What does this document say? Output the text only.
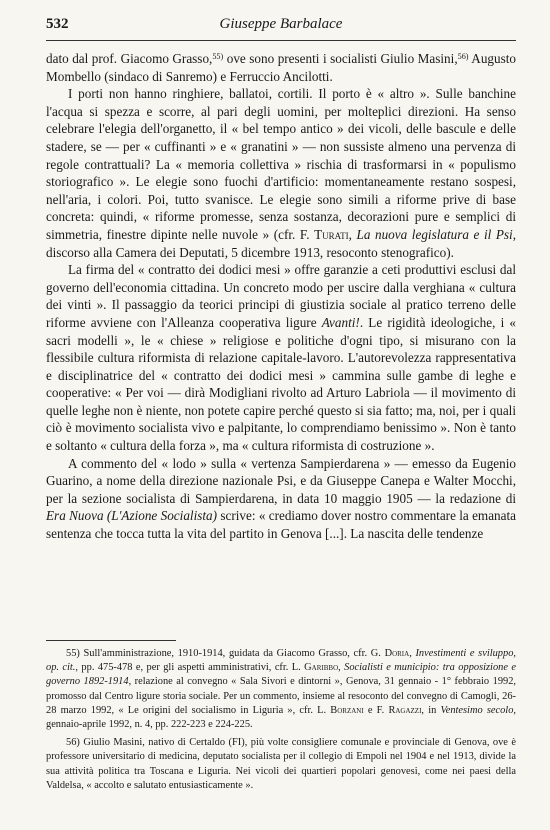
532	Giuseppe Barbalace

dato dal prof. Giacomo Grasso,$^{55)}$ ove sono presenti i socialisti Giulio Masini,$^{56)}$ Augusto Mombello (sindaco di Sanremo) e Ferruccio Ancilotti.

I porti non hanno ringhiere, ballatoi, cortili. Il porto è « altro ». Sulle banchine l'acqua si spezza e scorre, al pari degli uomini, per molteplici direzioni. Ha senso celebrare l'elegia dell'organetto, il « bel tempo antico » dei vicoli, delle bascule e delle stadere, se — per « cuffinanti » e « granatini » — non sussiste almeno una pervenza di regole contrattuali? La « memoria collettiva » rischia di trasformarsi in « populismo storiografico ». Le elegie sono fuochi d'artificio: momentaneamente restano sospesi, nell'aria, i colori. Poi, tutto svanisce. Le elegie sono simili a riforme prive di base concreta: quindi, « riforme promesse, senza sostanza, decorazioni pure e semplici di simmetria, finestre dipinte nelle nuvole » (cfr. F. Turati, La nuova legislatura e il Psi, discorso alla Camera dei Deputati, 5 dicembre 1913, resoconto stenografico).

La firma del « contratto dei dodici mesi » offre garanzie a ceti produttivi esclusi dal governo dell'economia cittadina. Un concreto modo per uscire dalla verghiana « cultura dei vinti ». Il passaggio da teorici principi di giustizia sociale al pratico terreno delle riforme avviene con l'Alleanza cooperativa ligure Avanti!. Le rigidità ideologiche, i « sacri modelli », le « chiese » religiose e politiche d'ogni tipo, si misurano con la flessibile cultura riformista di relazione capitale-lavoro. L'autorevolezza rappresentativa e disciplinatrice del « contratto dei dodici mesi » cammina sulle gambe di leghe e cooperative: « Per voi — dirà Modigliani rivolto ad Arturo Labriola — il movimento di quelle leghe non è niente, non potete capire perché questo si sia fatto; ma, noi, per i quali ciò è movimento socialista vivo e palpitante, lo comprendiamo benissimo ». Non è tanto e soltanto « cultura della forza », ma « cultura riformista di costruzione ».

A commento del « lodo » sulla « vertenza Sampierdarena » — emesso da Eugenio Guarino, a nome della direzione nazionale Psi, e da Giuseppe Canepa e Walter Mocchi, per la sezione socialista di Sampierdarena, in data 10 maggio 1905 — la redazione di Era Nuova (L'Azione Socialista) scrive: « crediamo dover nostro commentare la emanata sentenza che tocca tutta la vita del partito in Genova [...]. La nascita delle tendenze

55) Sull'amministrazione, 1910-1914, guidata da Giacomo Grasso, cfr. G. Doria, Investimenti e sviluppo, op. cit., pp. 475-478 e, per gli aspetti amministrativi, cfr. L. Garibbo, Socialisti e municipio: tra opposizione e governo 1892-1914, relazione al convegno « Sala Sivori e dintorni », Genova, 31 gennaio - 1° febbraio 1992, promosso dal Centro ligure storia sociale. Per un commento, insieme al resoconto del convegno di Camogli, 26-28 marzo 1992, « Le origini del socialismo in Liguria », cfr. L. Borzani e F. Ragazzi, in Ventesimo secolo, gennaio-aprile 1992, n. 4, pp. 222-223 e 224-225.

56) Giulio Masini, nativo di Certaldo (FI), più volte consigliere comunale e provinciale di Genova, ove è professore universitario di medicina, deputato socialista per il collegio di Empoli nel 1904 e nel 1913, divide la sua attività politica tra Toscana e Liguria. Nei vicoli dei quartieri popolari genovesi, come nei paesi della Valdelsa, « accolto e salutato entusiasticamente ».
